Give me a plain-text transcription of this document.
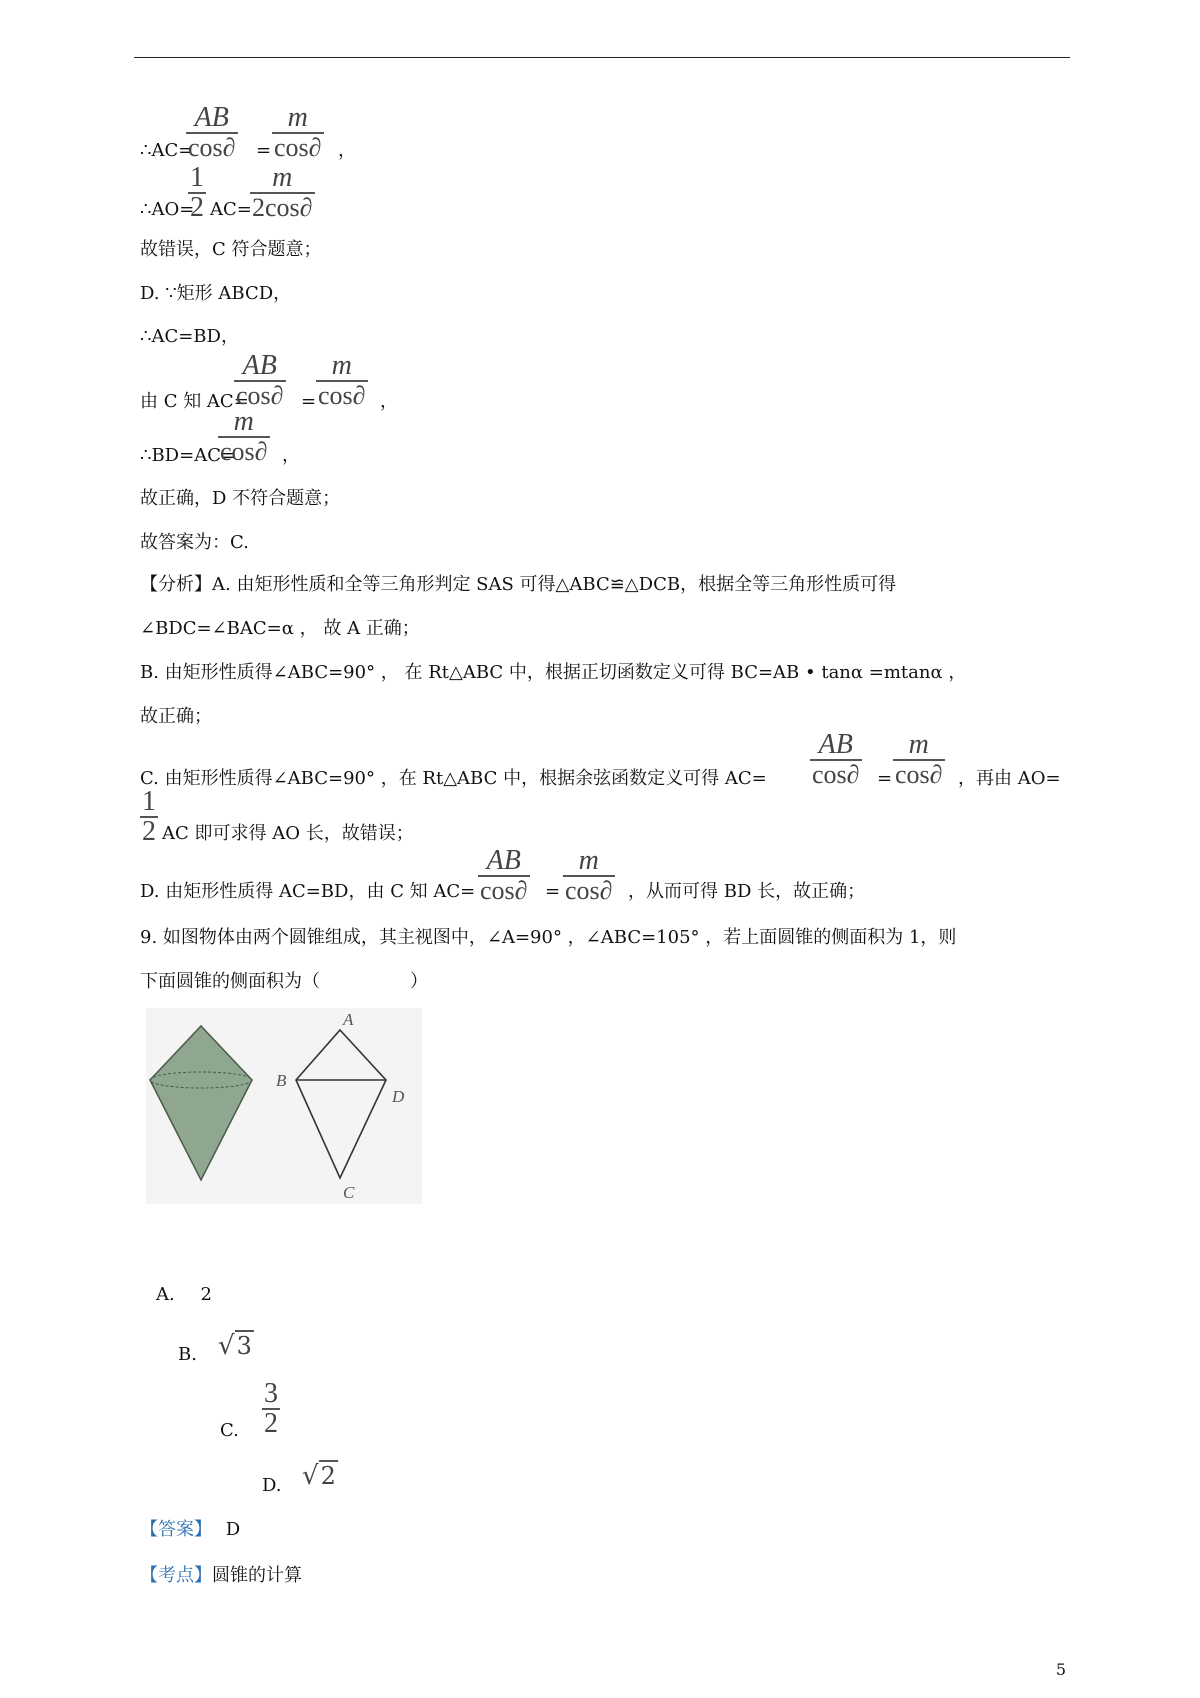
∴AC=
AB
cos∂ =
m
cos∂ ，
∴AO=
1
2 AC=
m
2cos∂
故错误，C 符合题意；
D. ∵矩形 ABCD，
∴AC=BD，
由 C 知 AC=
AB
cos∂ =
m
cos∂ ，
∴BD=AC=
m
cos∂ ，
故正确，D 不符合题意；
故答案为：C.
【分析】A. 由矩形性质和全等三角形判定 SAS 可得△ABC≌△DCB，根据全等三角形性质可得
∠BDC=∠BAC=α ， 故 A 正确；
B. 由矩形性质得∠ABC=90° ， 在 Rt△ABC 中，根据正切函数定义可得 BC=AB • tanα =mtanα ，
故正确；
C. 由矩形性质得∠ABC=90° ，在 Rt△ABC 中，根据余弦函数定义可得 AC=
AB
cos∂ =
m
cos∂ ，再由 AO=
1
2 AC 即可求得 AO 长，故错误；
D. 由矩形性质得 AC=BD，由 C 知 AC=
AB
cos∂ =
m
cos∂ ，从而可得 BD 长，故正确；
9. 如图物体由两个圆锥组成，其主视图中，∠A=90° ，∠ABC=105° ，若上面圆锥的侧面积为 1，则
下面圆锥的侧面积为（　　　　　）
A
B
D
C
A. 2
B. √3
C.
3
2
D. √2
【答案】 D
【考点】圆锥的计算
5
